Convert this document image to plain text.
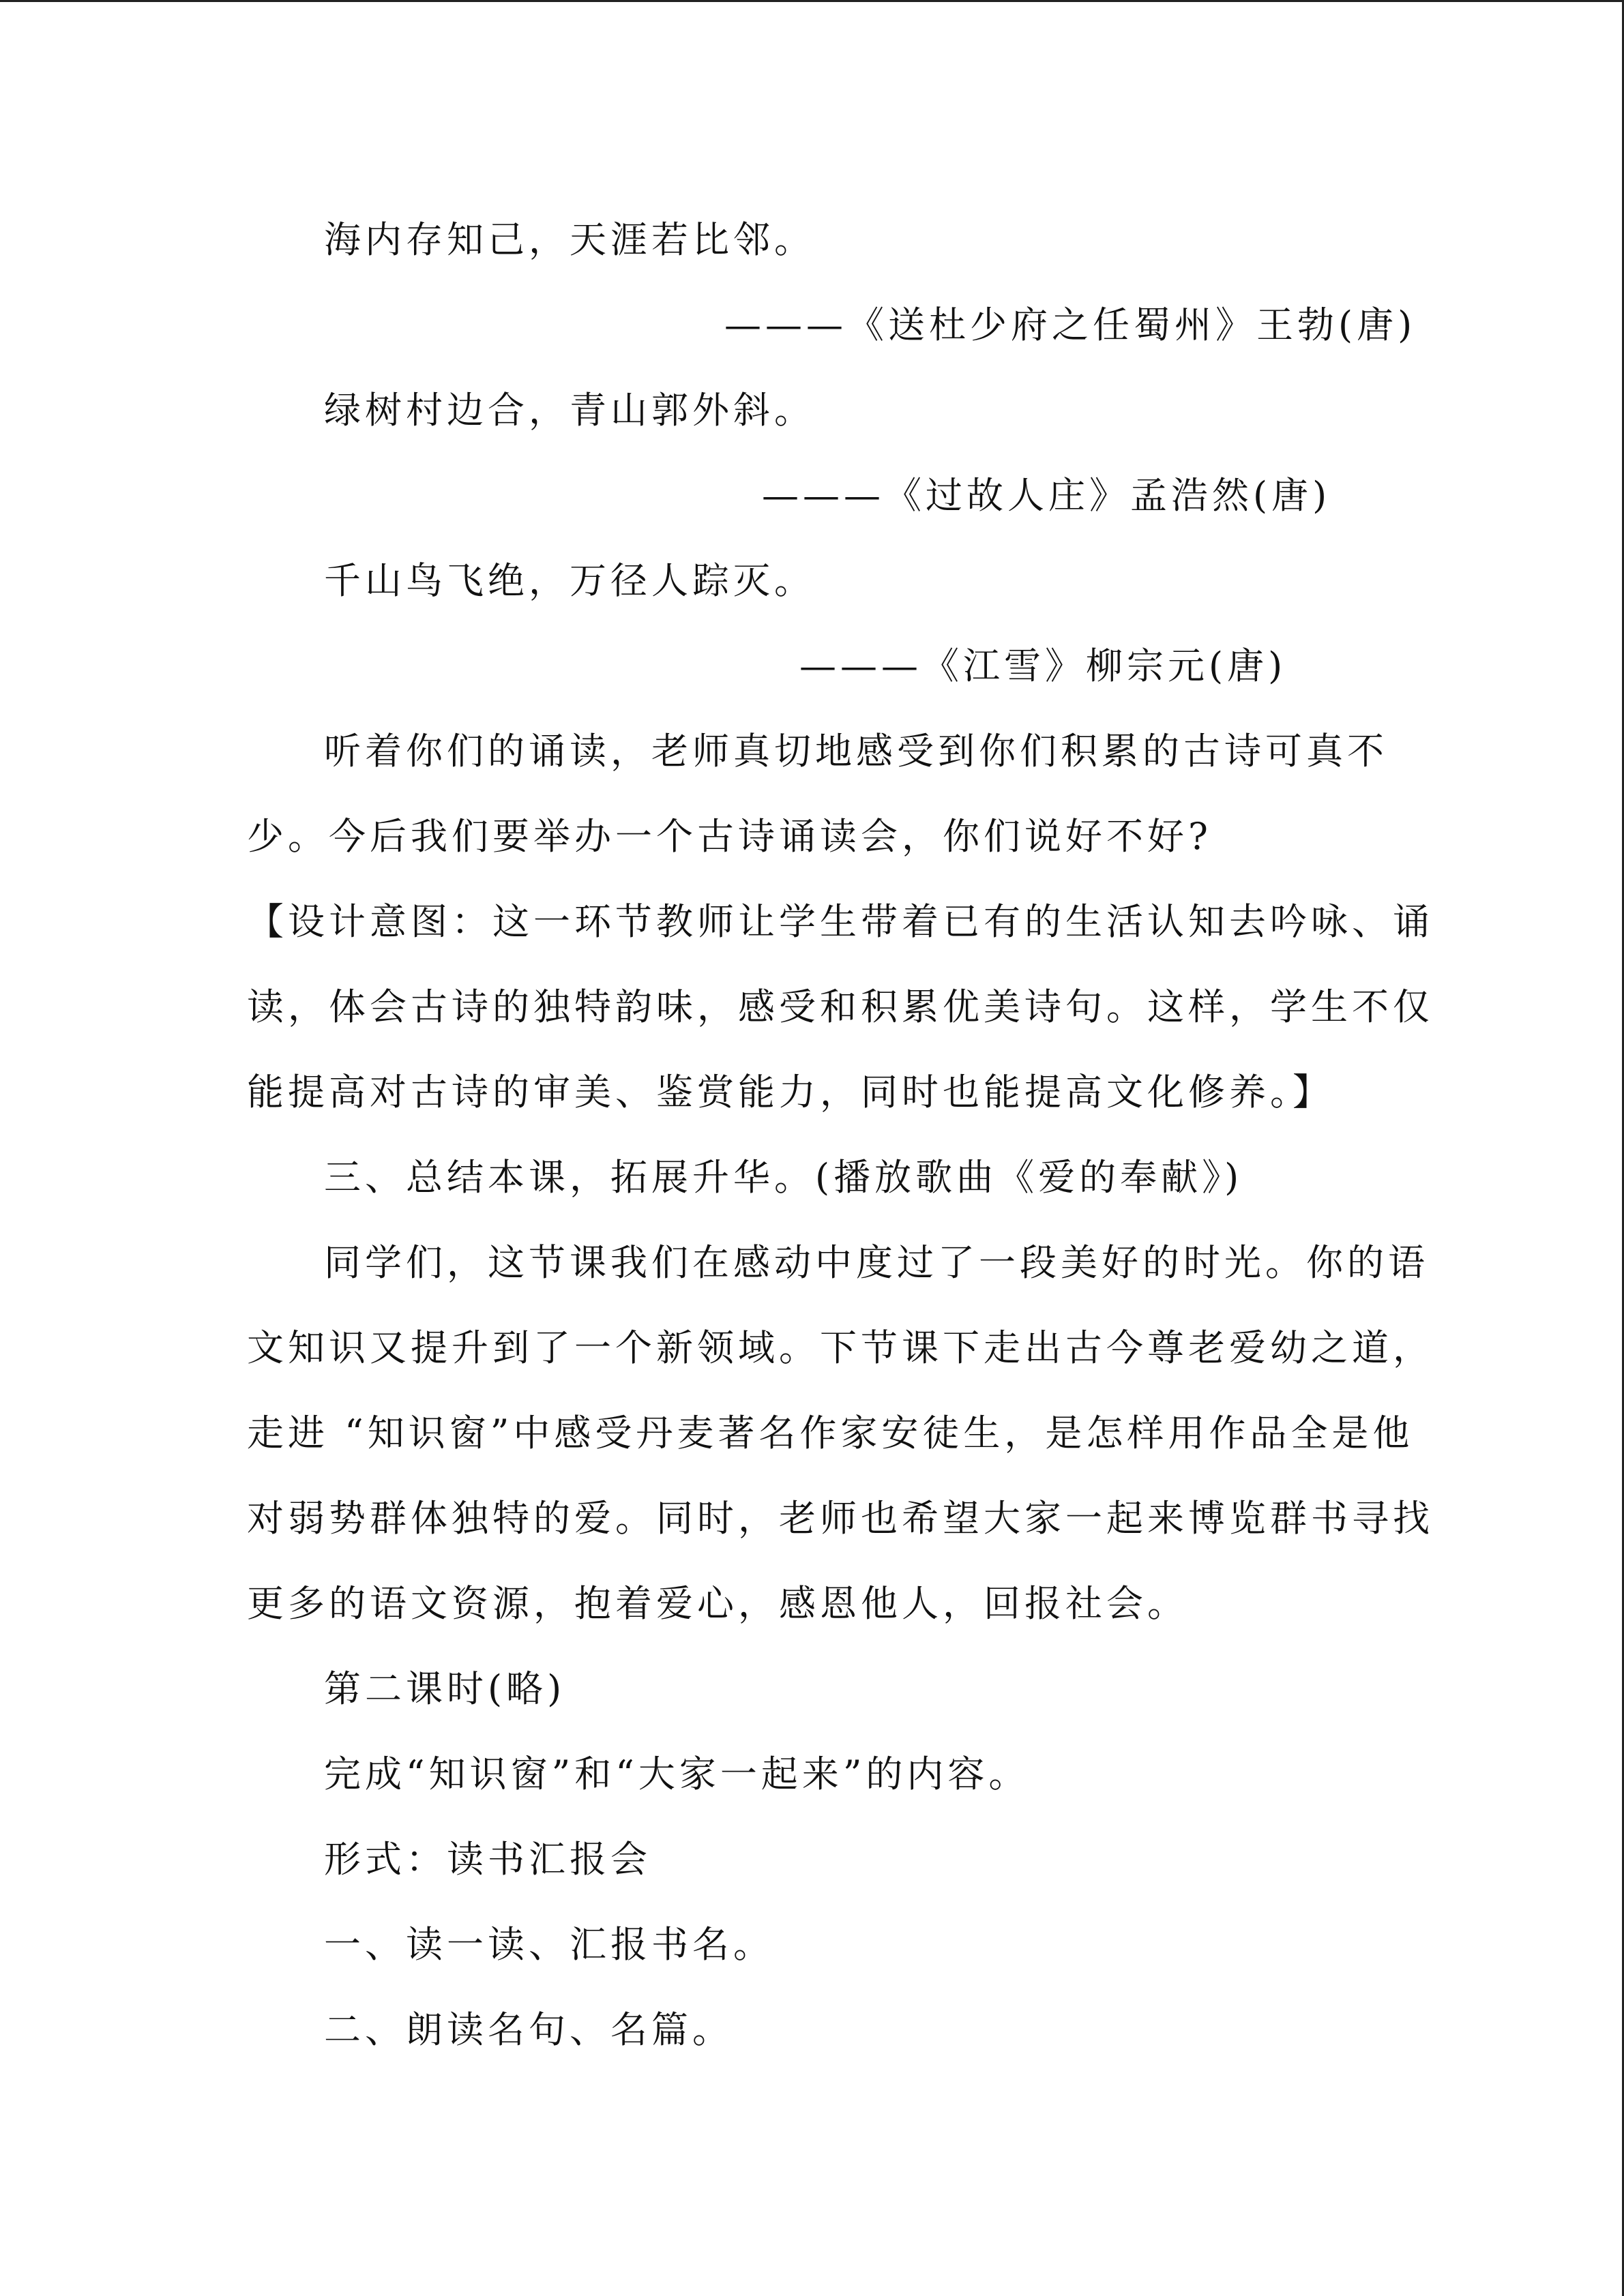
海内存知己，天涯若比邻。
———《送杜少府之任蜀州》王勃(唐)
绿树村边合，青山郭外斜。
———《过故人庄》孟浩然(唐)
千山鸟飞绝，万径人踪灭。
———《江雪》柳宗元(唐)
听着你们的诵读，老师真切地感受到你们积累的古诗可真不
少。今后我们要举办一个古诗诵读会，你们说好不好?
【设计意图：这一环节教师让学生带着已有的生活认知去吟咏、诵
读，体会古诗的独特韵味，感受和积累优美诗句。这样，学生不仅
能提高对古诗的审美、鉴赏能力，同时也能提高文化修养。】
三、总结本课，拓展升华。(播放歌曲《爱的奉献》)
同学们，这节课我们在感动中度过了一段美好的时光。你的语
文知识又提升到了一个新领域。下节课下走出古今尊老爱幼之道，
走进 “知识窗”中感受丹麦著名作家安徒生，是怎样用作品全是他
对弱势群体独特的爱。同时，老师也希望大家一起来博览群书寻找
更多的语文资源，抱着爱心，感恩他人，回报社会。
第二课时(略)
完成“知识窗”和“大家一起来”的内容。
形式：读书汇报会
一、读一读、汇报书名。
二、朗读名句、名篇。
